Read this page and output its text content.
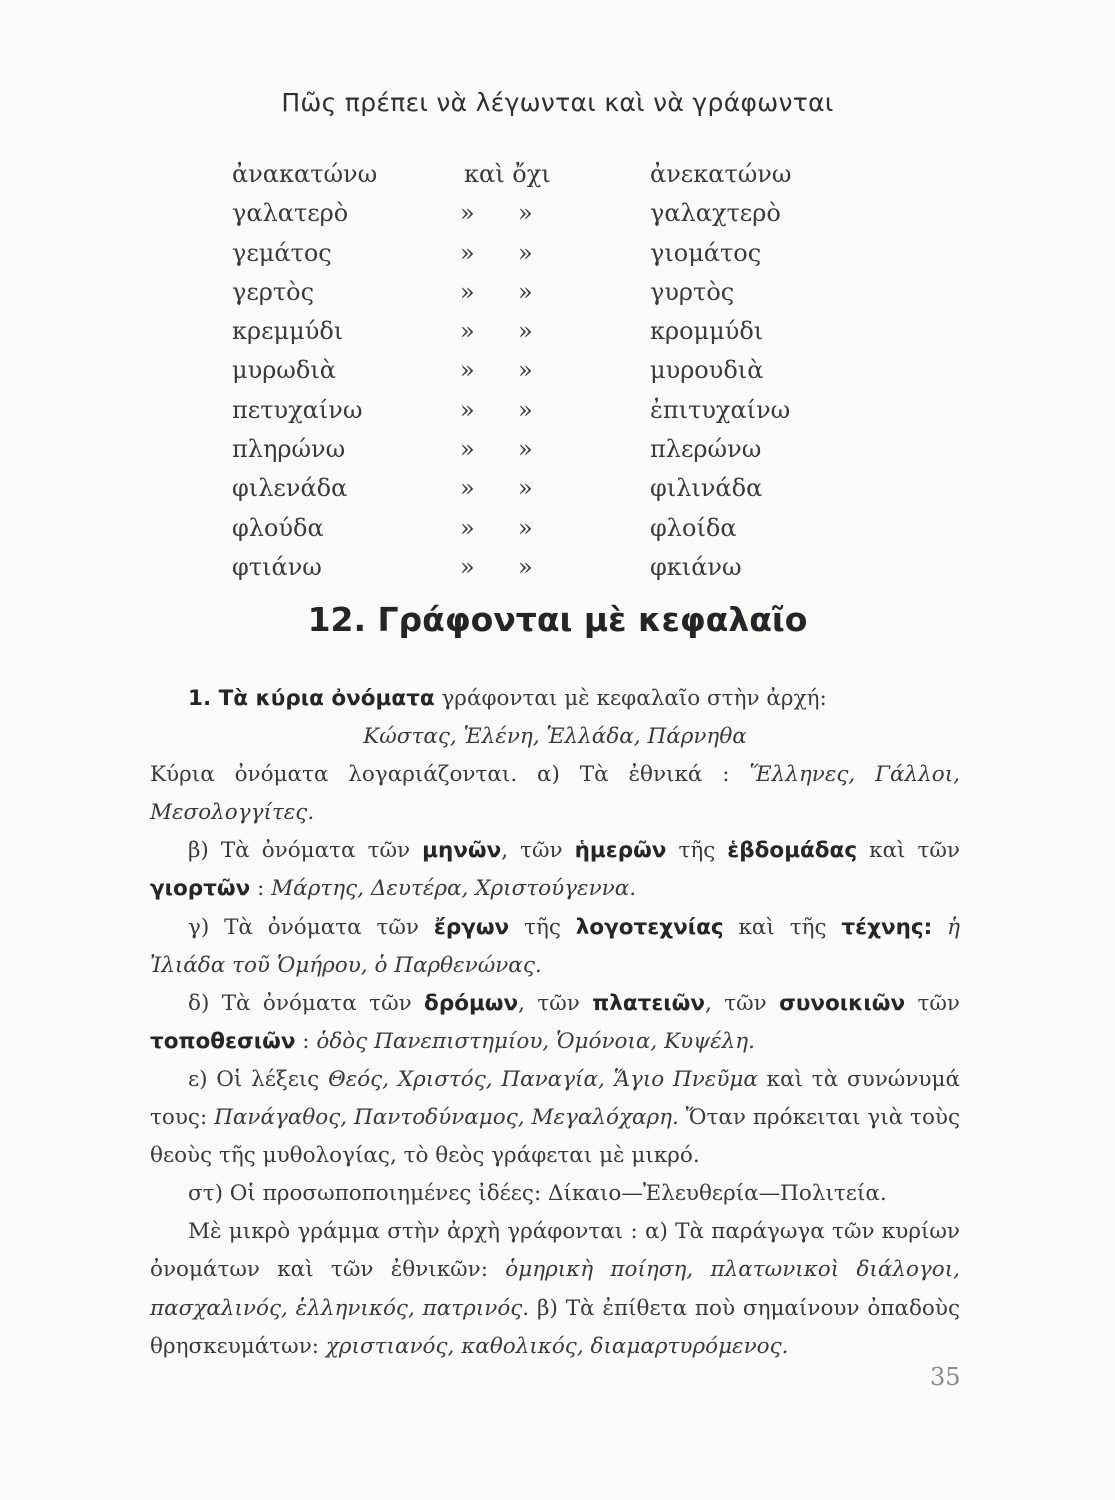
Πῶς πρέπει νὰ λέγωνται καὶ νὰ γράφωνται
ἀνακατώνω	καὶ ὄχι	ἀνεκατώνω
γαλατερὸ	» »	γαλαχτερὸ
γεμάτος	» »	γιομάτος
γερτὸς	» »	γυρτὸς
κρεμμύδι	» »	κρομμύδι
μυρωδιὰ	» »	μυρουδιὰ
πετυχαίνω	» »	ἐπιτυχαίνω
πληρώνω	» »	πλερώνω
φιλενάδα	» »	φιλινάδα
φλούδα	» »	φλοίδα
φτιάνω	» »	φκιάνω
12. Γράφονται μὲ κεφαλαῖο

1. Τὰ κύρια ὀνόματα γράφονται μὲ κεφαλαῖο στὴν ἀρχή:

Κώστας, Ἑλένη, Ἑλλάδα, Πάρνηθα

Κύρια ὀνόματα λογαριάζονται. α) Τὰ ἐθνικά : Ἕλληνες, Γάλλοι, Μεσολογγίτες.

β) Τὰ ὀνόματα τῶν μηνῶν, τῶν ἡμερῶν τῆς ἑβδομάδας καὶ τῶν γιορτῶν : Μάρτης, Δευτέρα, Χριστούγεννα.

γ) Τὰ ὀνόματα τῶν ἔργων τῆς λογοτεχνίας καὶ τῆς τέχνης: ἡ Ἰλιάδα τοῦ Ὁμήρου, ὁ Παρθενώνας.

δ) Τὰ ὀνόματα τῶν δρόμων, τῶν πλατειῶν, τῶν συνοικιῶν τῶν τοποθεσιῶν : ὁδὸς Πανεπιστημίου, Ὁμόνοια, Κυψέλη.

ε) Οἱ λέξεις Θεός, Χριστός, Παναγία, Ἅγιο Πνεῦμα καὶ τὰ συνώνυμά τους: Πανάγαθος, Παντοδύναμος, Μεγαλόχαρη. Ὅταν πρόκειται γιὰ τοὺς θεοὺς τῆς μυθολογίας, τὸ θεὸς γράφεται μὲ μικρό.

στ) Οἱ προσωποποιημένες ἰδέες: Δίκαιο—Ἐλευθερία—Πολιτεία.

Μὲ μικρὸ γράμμα στὴν ἀρχὴ γράφονται : α) Τὰ παράγωγα τῶν κυρίων ὀνομάτων καὶ τῶν ἐθνικῶν: ὁμηρικὴ ποίηση, πλατωνικοὶ διάλογοι, πασχαλινός, ἑλληνικός, πατρινός. β) Τὰ ἐπίθετα ποὺ σημαίνουν ὀπαδοὺς θρησκευμάτων: χριστιανός, καθολικός, διαμαρτυρόμενος.

35
